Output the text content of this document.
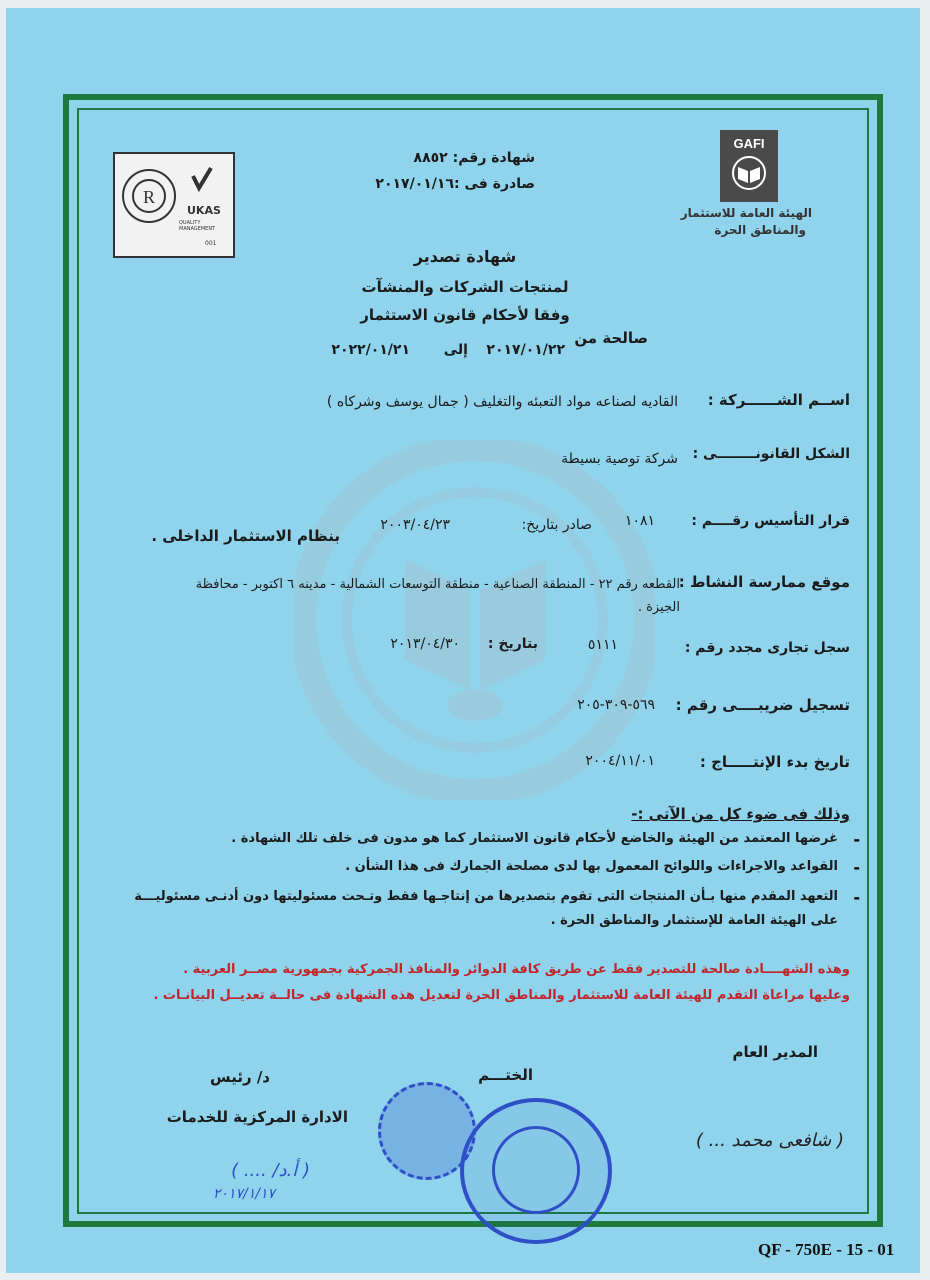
R
UKAS
QUALITY MANAGEMENT
001
GAFI
الهيئة العامة للاستثمار
والمناطق الحرة
شهادة رقم: ٨٨٥٢
صادرة فى :٢٠١٧/٠١/١٦
شهادة تصدير
لمنتجات الشركات والمنشآت
وفقا لأحكام قانون الاستثمار
صالحة من
٢٠١٧/٠١/٢٢
إلى
٢٠٢٢/٠١/٢١
اســم الشــــــركة :
القاديه لصناعه مواد التعبئه والتغليف ( جمال يوسف وشركاه )
الشكل القانونــــــــى :
شركة توصية بسيطة
قرار التأسيس رقــــم :
١٠٨١
صادر بتاريخ:
٢٠٠٣/٠٤/٢٣
بنظام الاستثمار الداخلى .
موقع ممارسة النشاط :
القطعه رقم ٢٢ - المنطقة الصناعية - منطقة التوسعات الشمالية - مدينه ٦ اكتوبر - محافظة
الجيزة .
سجل تجارى مجدد رقم :
٥١١١
بتاريخ :
٢٠١٣/٠٤/٣٠
تسجيل ضريبــــى رقم :
٥٦٩-٣٠٩-٢٠٥
تاريخ بدء الإنتـــــاج :
٢٠٠٤/١١/٠١
وذلك فى ضوء كل من الآتى :-
-
غرضها المعتمد من الهيئة والخاضع لأحكام قانون الاستثمار كما هو مدون فى خلف تلك الشهادة .
-
القواعد والاجراءات واللوائح المعمول بها لدى مصلحة الجمارك فى هذا الشأن .
-
التعهد المقدم منها بـأن المنتجات التى تقوم بتصديرها من إنتاجـها فقط وتـحت مسئوليتها دون أدنـى مسئوليـــة
على الهيئة العامة للإستثمار والمناطق الحرة .
وهذه الشهــــادة صالحة للتصدير فقط عن طريق كافة الدوائر والمنافذ الجمركية بجمهورية مصــر العربية .
وعليها مراعاة التقدم للهيئة العامة للاستثمار والمناطق الحرة لتعديل هذه الشهادة فى حالــة تعديــل البيانـات .
المدير العام
( شافعى محمد ... )
الختـــم
د/ رئيس
الادارة المركزية للخدمات
( أ.د/ .... )
٢٠١٧/١/١٧
QF - 750E - 15 - 01
